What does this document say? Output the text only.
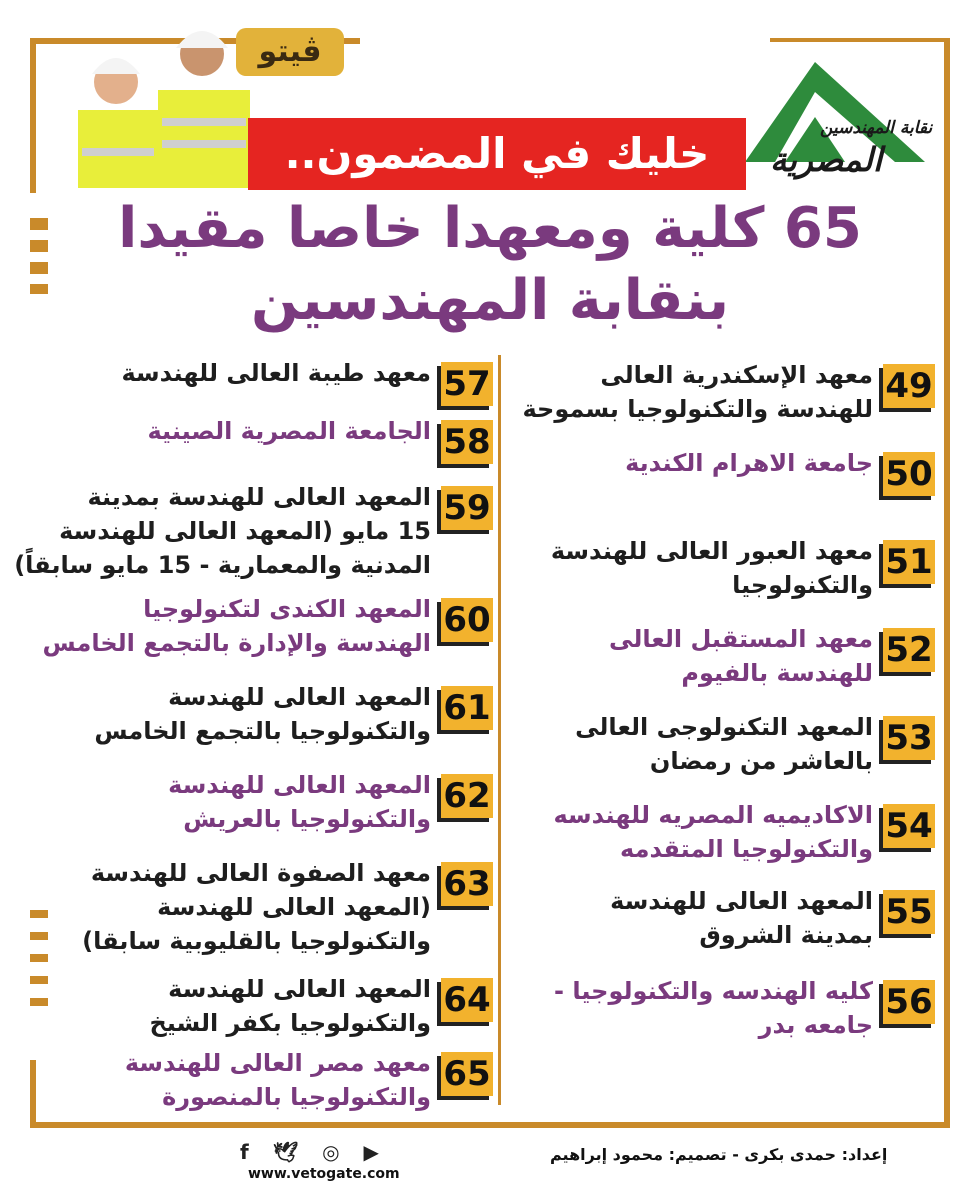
ڤيتو
نقابة المهندسين
المصرية
خليك في المضمون..
65 كلية ومعهدا خاصا مقيدا
بنقابة المهندسين
49
معهد الإسكندرية العالى
للهندسة والتكنولوجيا بسموحة
50
جامعة الاهرام الكندية
51
معهد العبور العالى للهندسة
والتكنولوجيا
52
معهد المستقبل العالى
للهندسة بالفيوم
53
المعهد التكنولوجى العالى
بالعاشر من رمضان
54
الاكاديميه المصريه للهندسه
والتكنولوجيا المتقدمه
55
المعهد العالى للهندسة
بمدينة الشروق
56
كليه الهندسه والتكنولوجيا -
جامعه بدر
57
معهد طيبة العالى للهندسة
58
الجامعة المصرية الصينية
59
المعهد العالى للهندسة بمدينة
15 مايو (المعهد العالى للهندسة
المدنية والمعمارية - 15 مايو سابقاً)
60
المعهد الكندى لتكنولوجيا
الهندسة والإدارة بالتجمع الخامس
61
المعهد العالى للهندسة
والتكنولوجيا بالتجمع الخامس
62
المعهد العالى للهندسة
والتكنولوجيا بالعريش
63
معهد الصفوة العالى للهندسة
(المعهد العالى للهندسة
والتكنولوجيا بالقليوبية سابقا)
64
المعهد العالى للهندسة
والتكنولوجيا بكفر الشيخ
65
معهد مصر العالى للهندسة
والتكنولوجيا بالمنصورة
إعداد: حمدى بكرى - تصميم: محمود إبراهيم
f 🕊 ◎ ▶
www.vetogate.com
